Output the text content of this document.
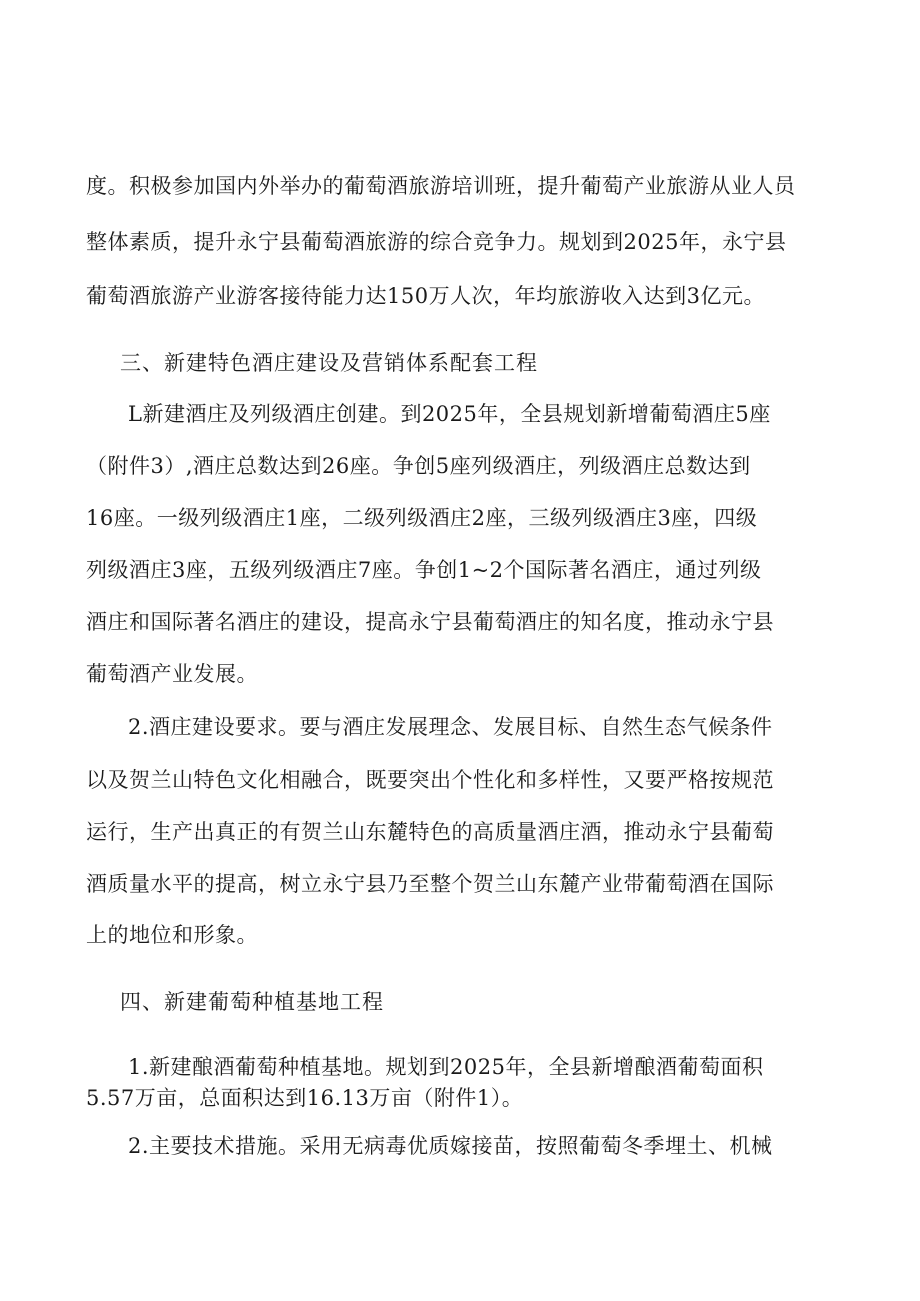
度。积极参加国内外举办的葡萄酒旅游培训班，提升葡萄产业旅游从业人员
整体素质，提升永宁县葡萄酒旅游的综合竞争力。规划到2025年，永宁县
葡萄酒旅游产业游客接待能力达150万人次，年均旅游收入达到3亿元。
三、新建特色酒庄建设及营销体系配套工程
L新建酒庄及列级酒庄创建。到2025年，全县规划新增葡萄酒庄5座
（附件3）,酒庄总数达到26座。争创5座列级酒庄，列级酒庄总数达到
16座。一级列级酒庄1座，二级列级酒庄2座，三级列级酒庄3座，四级
列级酒庄3座，五级列级酒庄7座。争创1~2个国际著名酒庄，通过列级
酒庄和国际著名酒庄的建设，提高永宁县葡萄酒庄的知名度，推动永宁县
葡萄酒产业发展。
2.酒庄建设要求。要与酒庄发展理念、发展目标、自然生态气候条件
以及贺兰山特色文化相融合，既要突出个性化和多样性，又要严格按规范
运行，生产出真正的有贺兰山东麓特色的高质量酒庄酒，推动永宁县葡萄
酒质量水平的提高，树立永宁县乃至整个贺兰山东麓产业带葡萄酒在国际
上的地位和形象。
四、新建葡萄种植基地工程
1.新建酿酒葡萄种植基地。规划到2025年，全县新增酿酒葡萄面积
5.57万亩，总面积达到16.13万亩（附件1）。
2.主要技术措施。采用无病毒优质嫁接苗，按照葡萄冬季埋土、机械
